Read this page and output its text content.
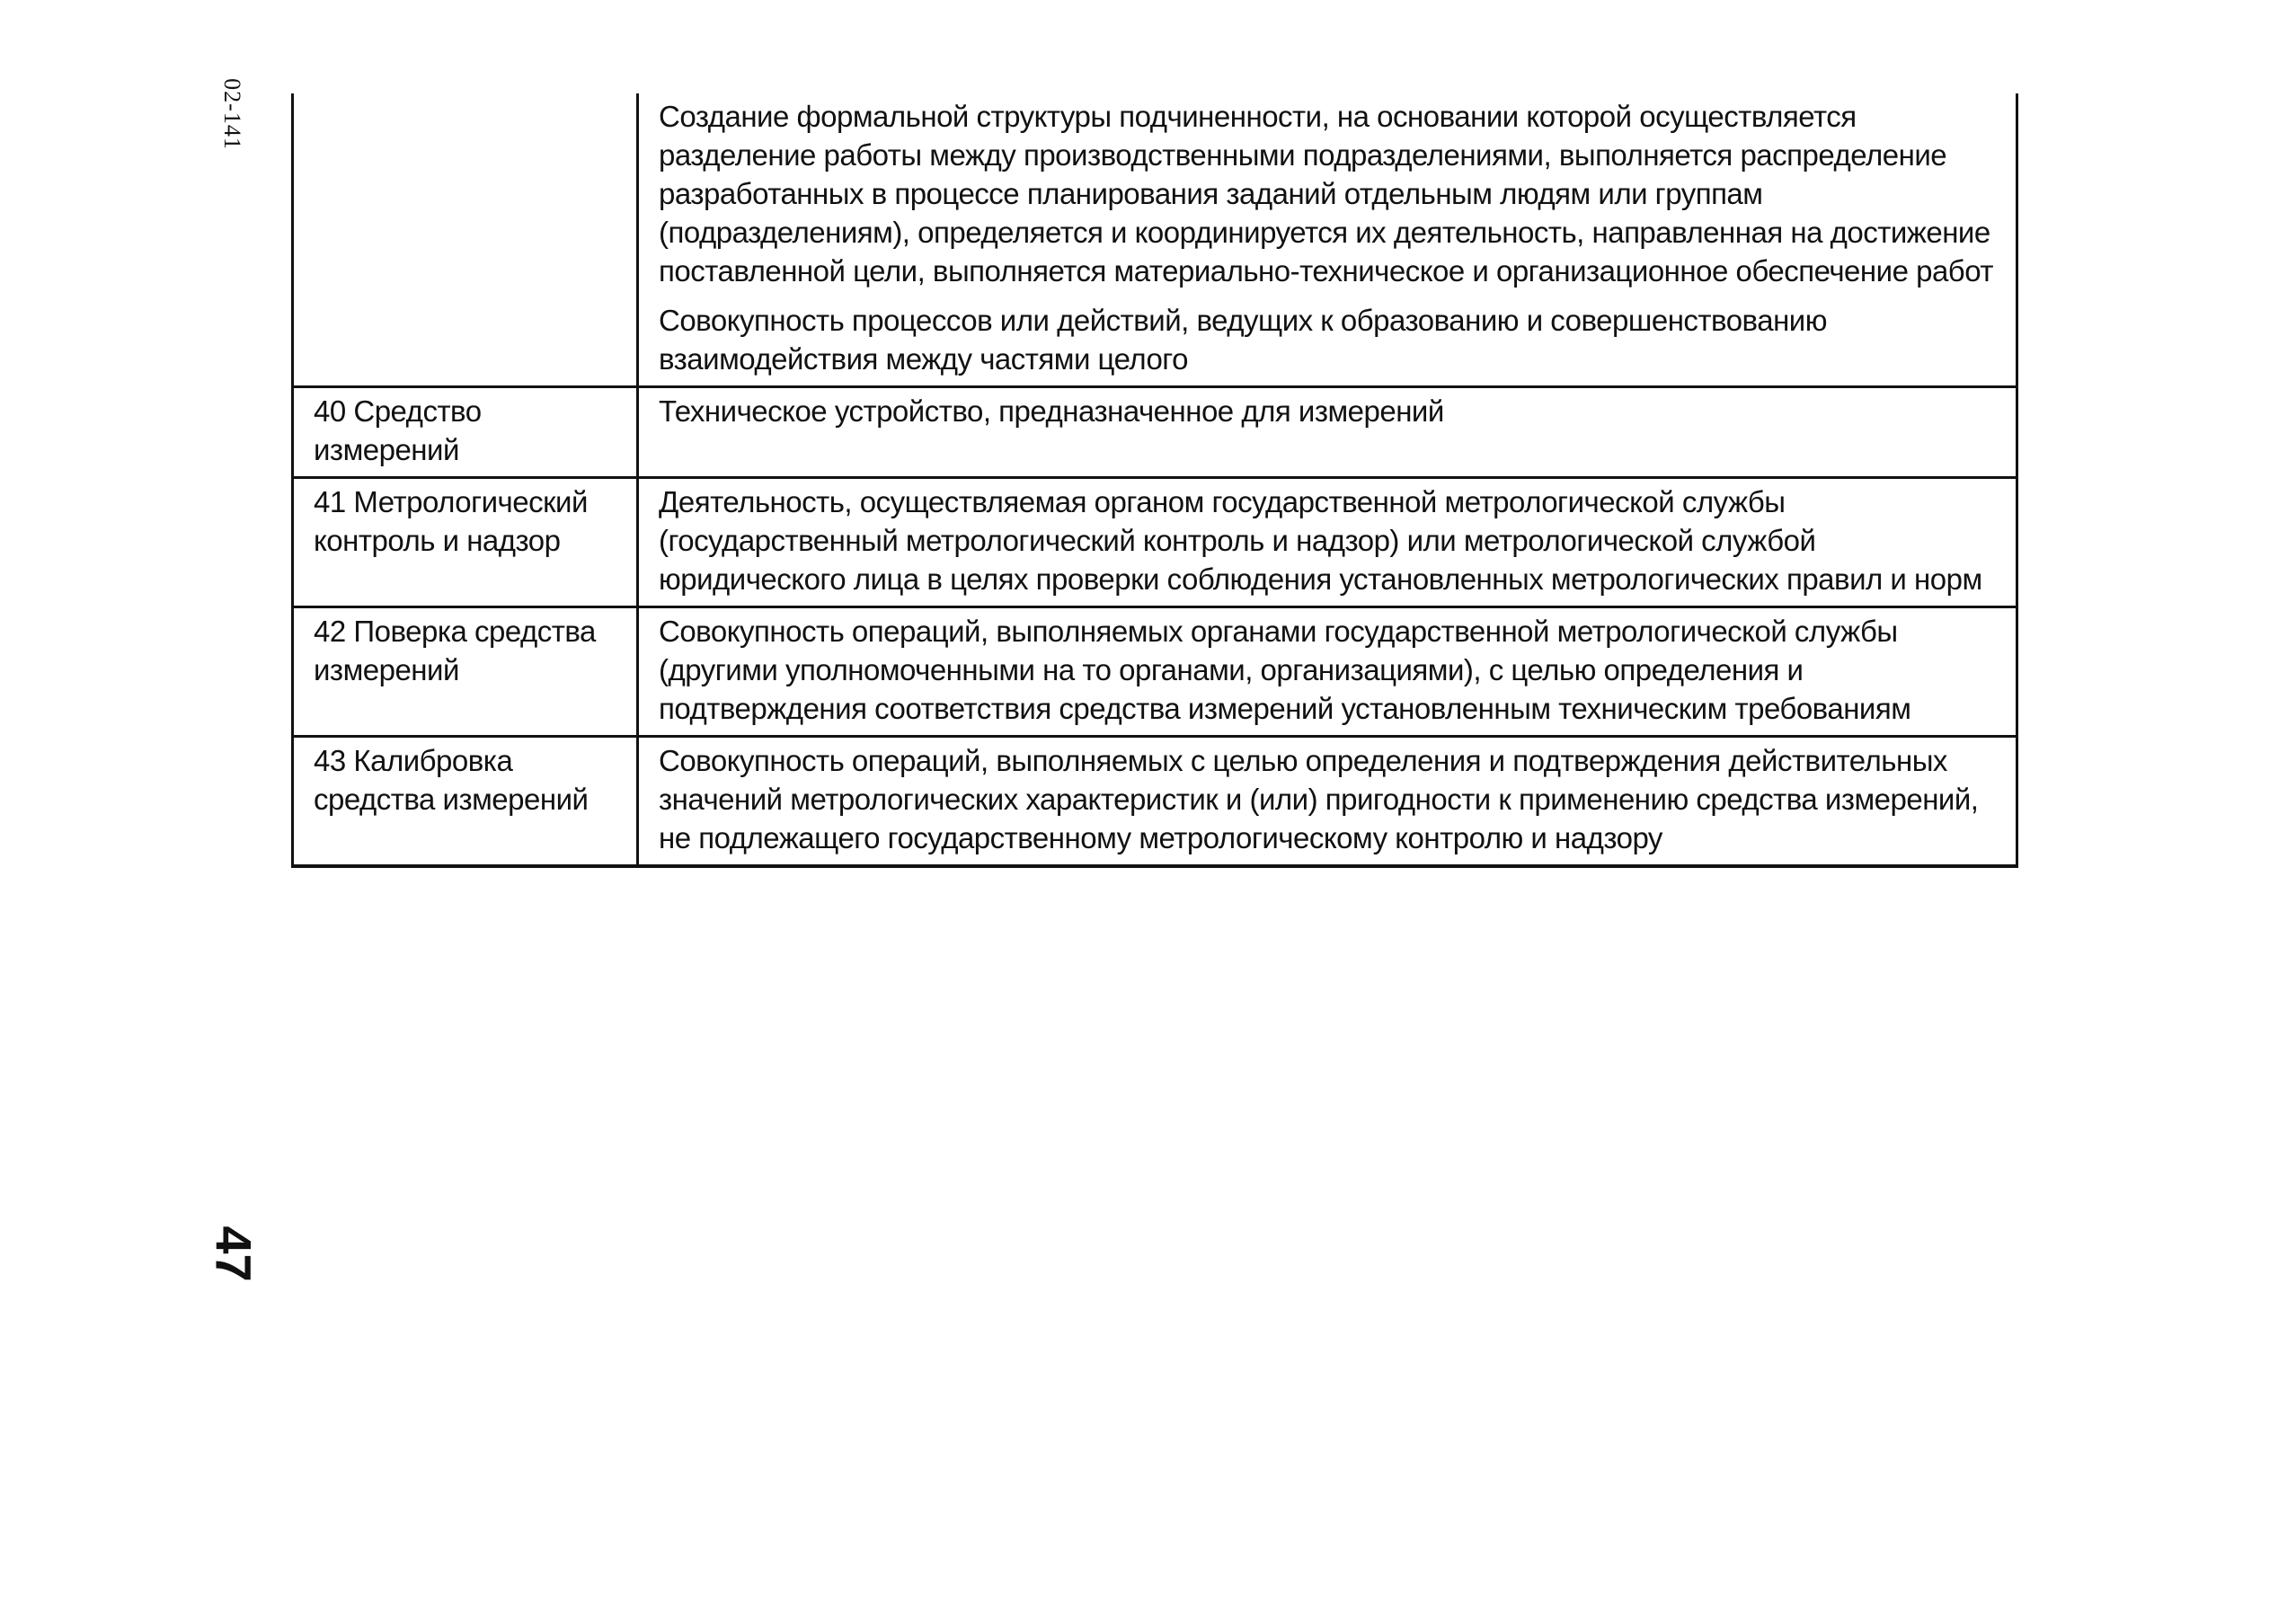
02-141

	Создание формальной структуры подчиненности, на основании которой осуществляется разделение работы между производственными подразделениями, выполняется распределение разработанных в процессе планирования заданий отдельным людям или группам (подразделениям), определяется и координируется их деятельность, направленная на достижение поставленной цели, выполняется материально-техническое и организационное обеспечение работ

Совокупность процессов или действий, ведущих к образованию и совершенствованию взаимодействия между частями целого

40 Средство измерений	Техническое устройство, предназначенное для измерений

41 Метрологический контроль и надзор	Деятельность, осуществляемая органом государственной метрологической службы (государственный метрологический контроль и надзор) или метрологической службой юридического лица в целях проверки соблюдения установленных метрологических правил и норм

42 Поверка средства измерений	Совокупность операций, выполняемых органами государственной метрологической службы (другими уполномоченными на то органами, организациями), с целью определения и подтверждения соответствия средства измерений установленным техническим требованиям

43 Калибровка средства измерений	Совокупность операций, выполняемых с целью определения и подтверждения действительных значений метрологических характеристик и (или) пригодности к применению средства измерений, не подлежащего государственному метрологическому контролю и надзору

47
